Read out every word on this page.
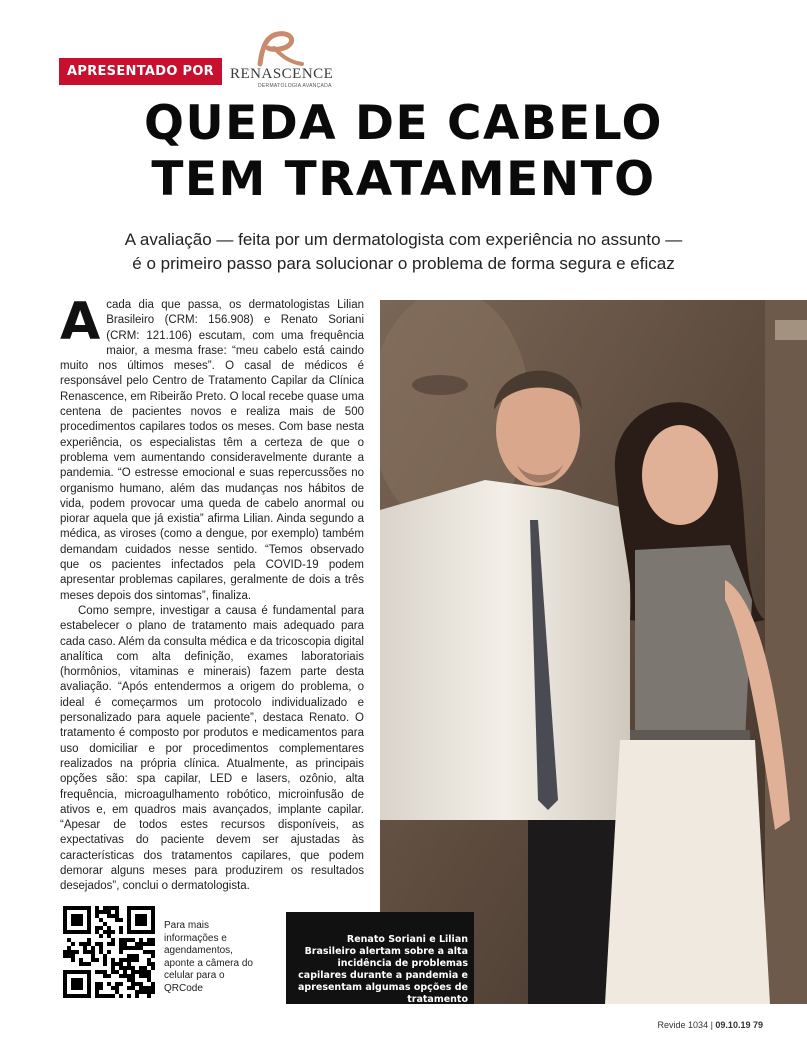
APRESENTADO POR	RENASCENCE
DERMATOLOGIA AVANÇADA
QUEDA DE CABELO
TEM TRATAMENTO
A avaliação — feita por um dermatologista com experiência no assunto —
é o primeiro passo para solucionar o problema de forma segura e eficaz

Acada dia que passa, os dermatologistas Lilian Brasileiro (CRM: 156.908) e Renato Soriani (CRM: 121.106) escutam, com uma frequência maior, a mesma frase: “meu cabelo está caindo muito nos últimos meses”. O casal de médicos é responsável pelo Centro de Tratamento Capilar da Clínica Renascence, em Ribeirão Preto. O local recebe quase uma centena de pacientes novos e realiza mais de 500 procedimentos capilares todos os meses. Com base nesta experiência, os especialistas têm a certeza de que o problema vem aumentando consideravelmente durante a pandemia. “O estresse emocional e suas repercussões no organismo humano, além das mudanças nos hábitos de vida, podem provocar uma queda de cabelo anormal ou piorar aquela que já existia” afirma Lilian. Ainda segundo a médica, as viroses (como a dengue, por exemplo) também demandam cuidados nesse sentido. “Temos observado que os pacientes infectados pela COVID-19 podem apresentar problemas capilares, geralmente de dois a três meses depois dos sintomas”, finaliza.

Como sempre, investigar a causa é fundamental para estabelecer o plano de tratamento mais adequado para cada caso. Além da consulta médica e da tricoscopia digital analítica com alta definição, exames laboratoriais (hormônios, vitaminas e minerais) fazem parte desta avaliação. “Após entendermos a origem do problema, o ideal é começarmos um protocolo individualizado e personalizado para aquele paciente”, destaca Renato. O tratamento é composto por produtos e medicamentos para uso domiciliar e por procedimentos complementares realizados na própria clínica. Atualmente, as principais opções são: spa capilar, LED e lasers, ozônio, alta frequência, microagulhamento robótico, microinfusão de ativos e, em quadros mais avançados, implante capilar. “Apesar de todos estes recursos disponíveis, as expectativas do paciente devem ser ajustadas às características dos tratamentos capilares, que podem demorar alguns meses para produzirem os resultados desejados”, conclui o dermatologista.

Renato Soriani e Lilian Brasileiro alertam sobre a alta incidência de problemas capilares durante a pandemia e apresentam algumas opções de tratamento
Para mais informações e agendamentos, aponte a câmera do celular para o QRCode
Revide 1034 | 09.10.19 79
